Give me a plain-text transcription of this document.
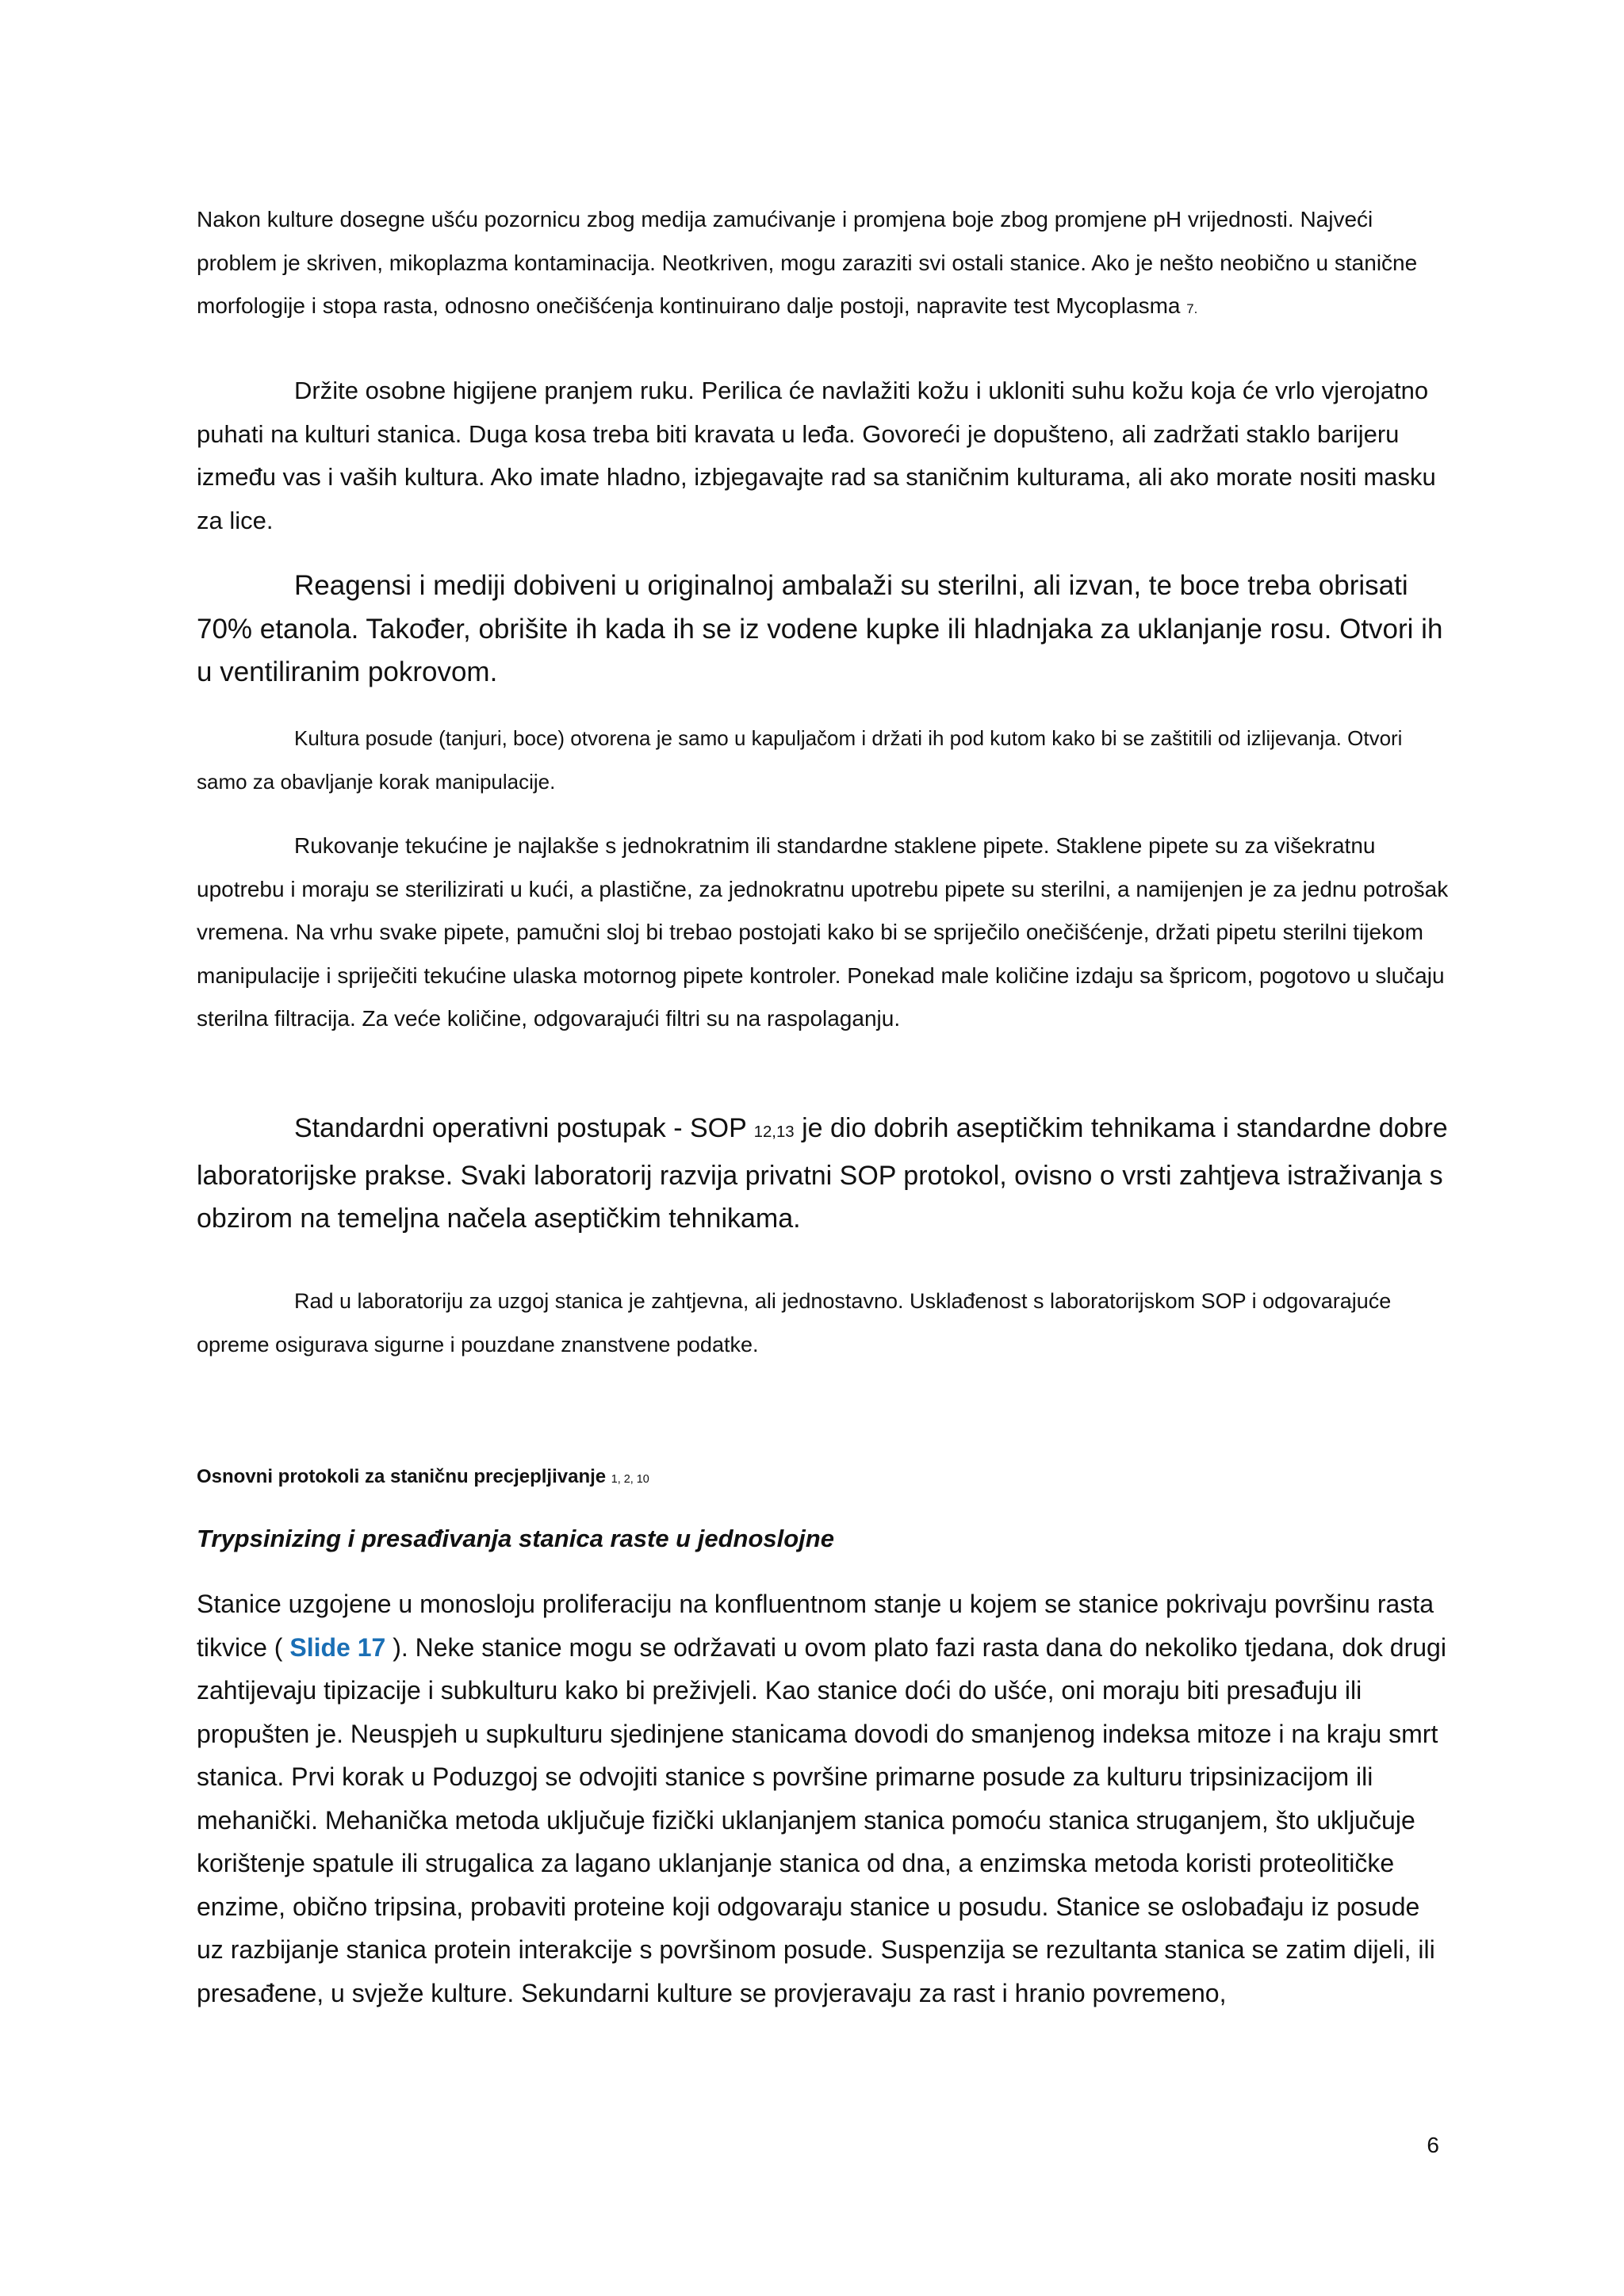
Nakon kulture dosegne ušću pozornicu zbog medija zamućivanje i promjena boje zbog promjene pH vrijednosti. Najveći problem je skriven, mikoplazma kontaminacija. Neotkriven, mogu zaraziti svi ostali stanice. Ako je nešto neobično u stanične morfologije i stopa rasta, odnosno onečišćenja kontinuirano dalje postoji, napravite test Mycoplasma 7.

Držite osobne higijene pranjem ruku. Perilica će navlažiti kožu i ukloniti suhu kožu koja će vrlo vjerojatno puhati na kulturi stanica. Duga kosa treba biti kravata u leđa. Govoreći je dopušteno, ali zadržati staklo barijeru između vas i vaših kultura. Ako imate hladno, izbjegavajte rad sa staničnim kulturama, ali ako morate nositi masku za lice.

Reagensi i mediji dobiveni u originalnoj ambalaži su sterilni, ali izvan, te boce treba obrisati 70% etanola. Također, obrišite ih kada ih se iz vodene kupke ili hladnjaka za uklanjanje rosu. Otvori ih u ventiliranim pokrovom.

Kultura posude (tanjuri, boce) otvorena je samo u kapuljačom i držati ih pod kutom kako bi se zaštitili od izlijevanja. Otvori samo za obavljanje korak manipulacije.

Rukovanje tekućine je najlakše s jednokratnim ili standardne staklene pipete. Staklene pipete su za višekratnu upotrebu i moraju se sterilizirati u kući, a plastične, za jednokratnu upotrebu pipete su sterilni, a namijenjen je za jednu potrošak vremena. Na vrhu svake pipete, pamučni sloj bi trebao postojati kako bi se spriječilo onečišćenje, držati pipetu sterilni tijekom manipulacije i spriječiti tekućine ulaska motornog pipete kontroler. Ponekad male količine izdaju sa špricom, pogotovo u slučaju sterilna filtracija. Za veće količine, odgovarajući filtri su na raspolaganju.

Standardni operativni postupak - SOP 12,13 je dio dobrih aseptičkim tehnikama i standardne dobre laboratorijske prakse. Svaki laboratorij razvija privatni SOP protokol, ovisno o vrsti zahtjeva istraživanja s obzirom na temeljna načela aseptičkim tehnikama.

Rad u laboratoriju za uzgoj stanica je zahtjevna, ali jednostavno. Usklađenost s laboratorijskom SOP i odgovarajuće opreme osigurava sigurne i pouzdane znanstvene podatke.

Osnovni protokoli za staničnu precjepljivanje 1, 2, 10

Trypsinizing i presađivanja stanica raste u jednoslojne

Stanice uzgojene u monosloju proliferaciju na konfluentnom stanje u kojem se stanice pokrivaju površinu rasta tikvice ( Slide 17 ). Neke stanice mogu se održavati u ovom plato fazi rasta dana do nekoliko tjedana, dok drugi zahtijevaju tipizacije i subkulturu kako bi preživjeli. Kao stanice doći do ušće, oni moraju biti presađuju ili propušten je. Neuspjeh u supkulturu sjedinjene stanicama dovodi do smanjenog indeksa mitoze i na kraju smrt stanica. Prvi korak u Poduzgoj se odvojiti stanice s površine primarne posude za kulturu tripsinizacijom ili mehanički. Mehanička metoda uključuje fizički uklanjanjem stanica pomoću stanica struganjem, što uključuje korištenje spatule ili strugalica za lagano uklanjanje stanica od dna, a enzimska metoda koristi proteolitičke enzime, obično tripsina, probaviti proteine koji odgovaraju stanice u posudu. Stanice se oslobađaju iz posude uz razbijanje stanica protein interakcije s površinom posude. Suspenzija se rezultanta stanica se zatim dijeli, ili presađene, u svježe kulture. Sekundarni kulture se provjeravaju za rast i hranio povremeno,

6
